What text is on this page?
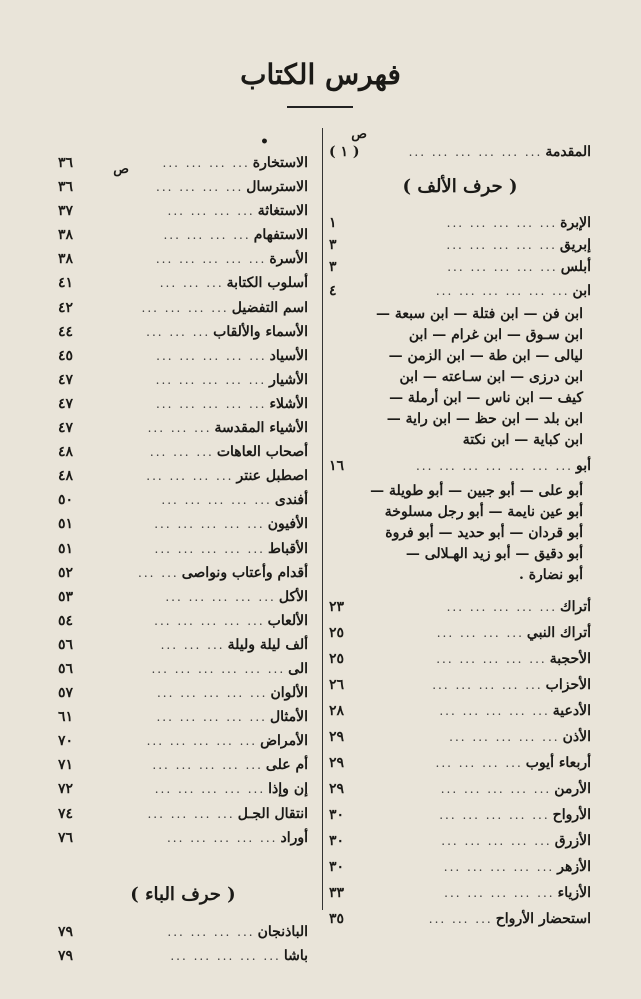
فهرس الكتاب
ص
ص
•
المقدمة
... ... ... ... ... ...
( ١ )
( حرف الألف )
الإبرة
... ... ... ... ...
١
إبريق
... ... ... ... ...
٣
أبلس
... ... ... ... ...
٣
ابن
... ... ... ... ... ...
٤
ابن فن — ابن فتلة — ابن سبعة —
ابن سـوق — ابن غرام — ابن
ليالى — ابن طة — ابن الزمن —
ابن درزى — ابن سـاعته — ابن
كيف — ابن ناس — ابن أرملة —
ابن بلد — ابن حظ — ابن راية —
ابن كباية — ابن نكتة
أبو
... ... ... ... ... ... ...
١٦
أبو على — أبو جبين — أبو طويلة —
أبو عين نايمة — أبو رجل مسلوخة
أبو قردان — أبو حديد — أبو فروة
أبو دقيق — أبو زيد الهـلالى —
أبو نضارة .
أتراك
... ... ... ... ...
٢٣
أتراك النبي
... ... ... ...
٢٥
الأحجبة
... ... ... ... ...
٢٥
الأحزاب
... ... ... ... ...
٢٦
الأدعية
... ... ... ... ...
٢٨
الأذن
... ... ... ... ...
٢٩
أربعاء أيوب
... ... ... ...
٢٩
الأرمن
... ... ... ... ...
٢٩
الأرواح
... ... ... ... ...
٣٠
الأزرق
... ... ... ... ...
٣٠
الأزهر
... ... ... ... ...
٣٠
الأزياء
... ... ... ... ...
٣٣
استحضار الأرواح
... ... ...
٣٥
الاستخارة
... ... ... ...
٣٦
الاسترسال
... ... ... ...
٣٦
الاستغاثة
... ... ... ...
٣٧
الاستفهام
... ... ... ...
٣٨
الأسرة
... ... ... ... ...
٣٨
أسلوب الكتابة
... ... ...
٤١
اسم التفضيل
... ... ... ...
٤٢
الأسماء والألقاب
... ... ...
٤٤
الأسياد
... ... ... ... ...
٤٥
الأشيار
... ... ... ... ...
٤٧
الأشلاء
... ... ... ... ...
٤٧
الأشياء المقدسة
... ... ...
٤٧
أصحاب العاهات
... ... ...
٤٨
اصطبل عنتر
... ... ... ...
٤٨
أفندى
... ... ... ... ...
٥٠
الأفيون
... ... ... ... ...
٥١
الأقباط
... ... ... ... ...
٥١
أقدام وأعتاب ونواصى
... ...
٥٢
الأكل
... ... ... ... ...
٥٣
الألعاب
... ... ... ... ...
٥٤
ألف ليلة وليلة
... ... ...
٥٦
الى
... ... ... ... ... ...
٥٦
الألوان
... ... ... ... ...
٥٧
الأمثال
... ... ... ... ...
٦١
الأمراض
... ... ... ... ...
٧٠
أم على
... ... ... ... ...
٧١
إن وإذا
... ... ... ... ...
٧٢
انتقال الجـل
... ... ... ...
٧٤
أوراد
... ... ... ... ...
٧٦
( حرف الباء )
الباذنجان
... ... ... ...
٧٩
باشا
... ... ... ... ...
٧٩
